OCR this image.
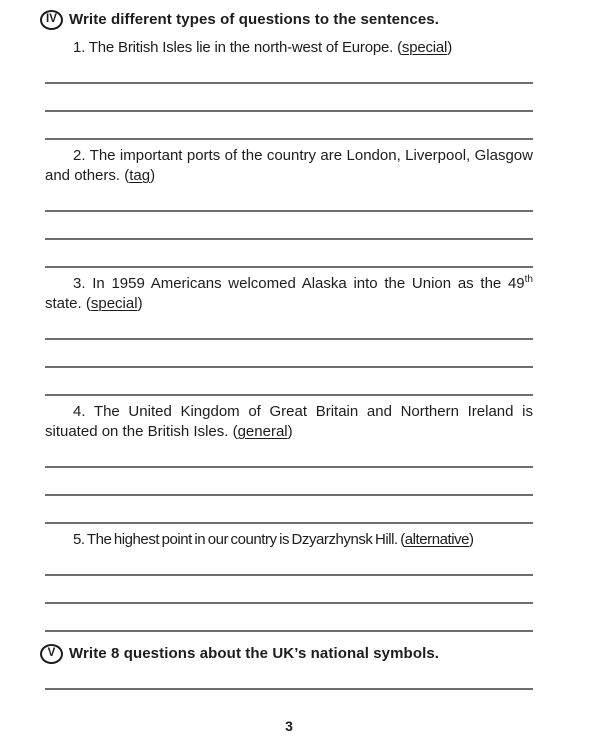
IV Write different types of questions to the sentences.

1. The British Isles lie in the north-west of Europe. (special)

2. The important ports of the country are London, Liverpool, Glasgow and others. (tag)

3. In 1959 Americans welcomed Alaska into the Union as the 49th state. (special)

4. The United Kingdom of Great Britain and Northern Ireland is situated on the British Isles. (general)

5. The highest point in our country is Dzyarzhynsk Hill. (alternative)

V Write 8 questions about the UK’s national symbols.
3
